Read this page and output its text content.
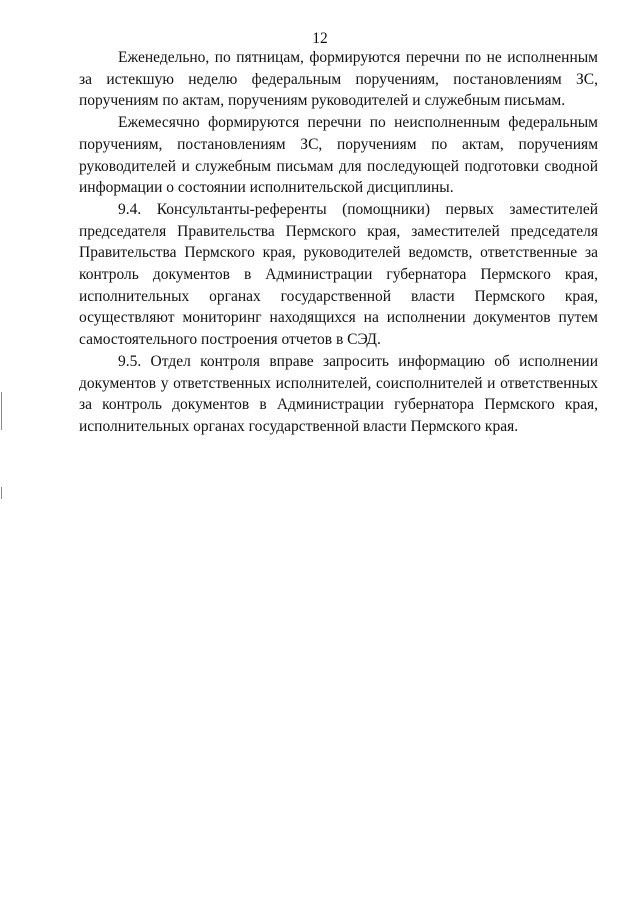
12

Еженедельно, по пятницам, формируются перечни по не исполненным за истекшую неделю федеральным поручениям, постановлениям ЗС, поручениям по актам, поручениям руководителей и служебным письмам.

Ежемесячно формируются перечни по неисполненным федеральным поручениям, постановлениям ЗС, поручениям по актам, поручениям руководителей и служебным письмам для последующей подготовки сводной информации о состоянии исполнительской дисциплины.

9.4. Консультанты-референты (помощники) первых заместителей председателя Правительства Пермского края, заместителей председателя Правительства Пермского края, руководителей ведомств, ответственные за контроль документов в Администрации губернатора Пермского края, исполнительных органах государственной власти Пермского края, осуществляют мониторинг находящихся на исполнении документов путем самостоятельного построения отчетов в СЭД.

9.5. Отдел контроля вправе запросить информацию об исполнении документов у ответственных исполнителей, соисполнителей и ответственных за контроль документов в Администрации губернатора Пермского края, исполнительных органах государственной власти Пермского края.
